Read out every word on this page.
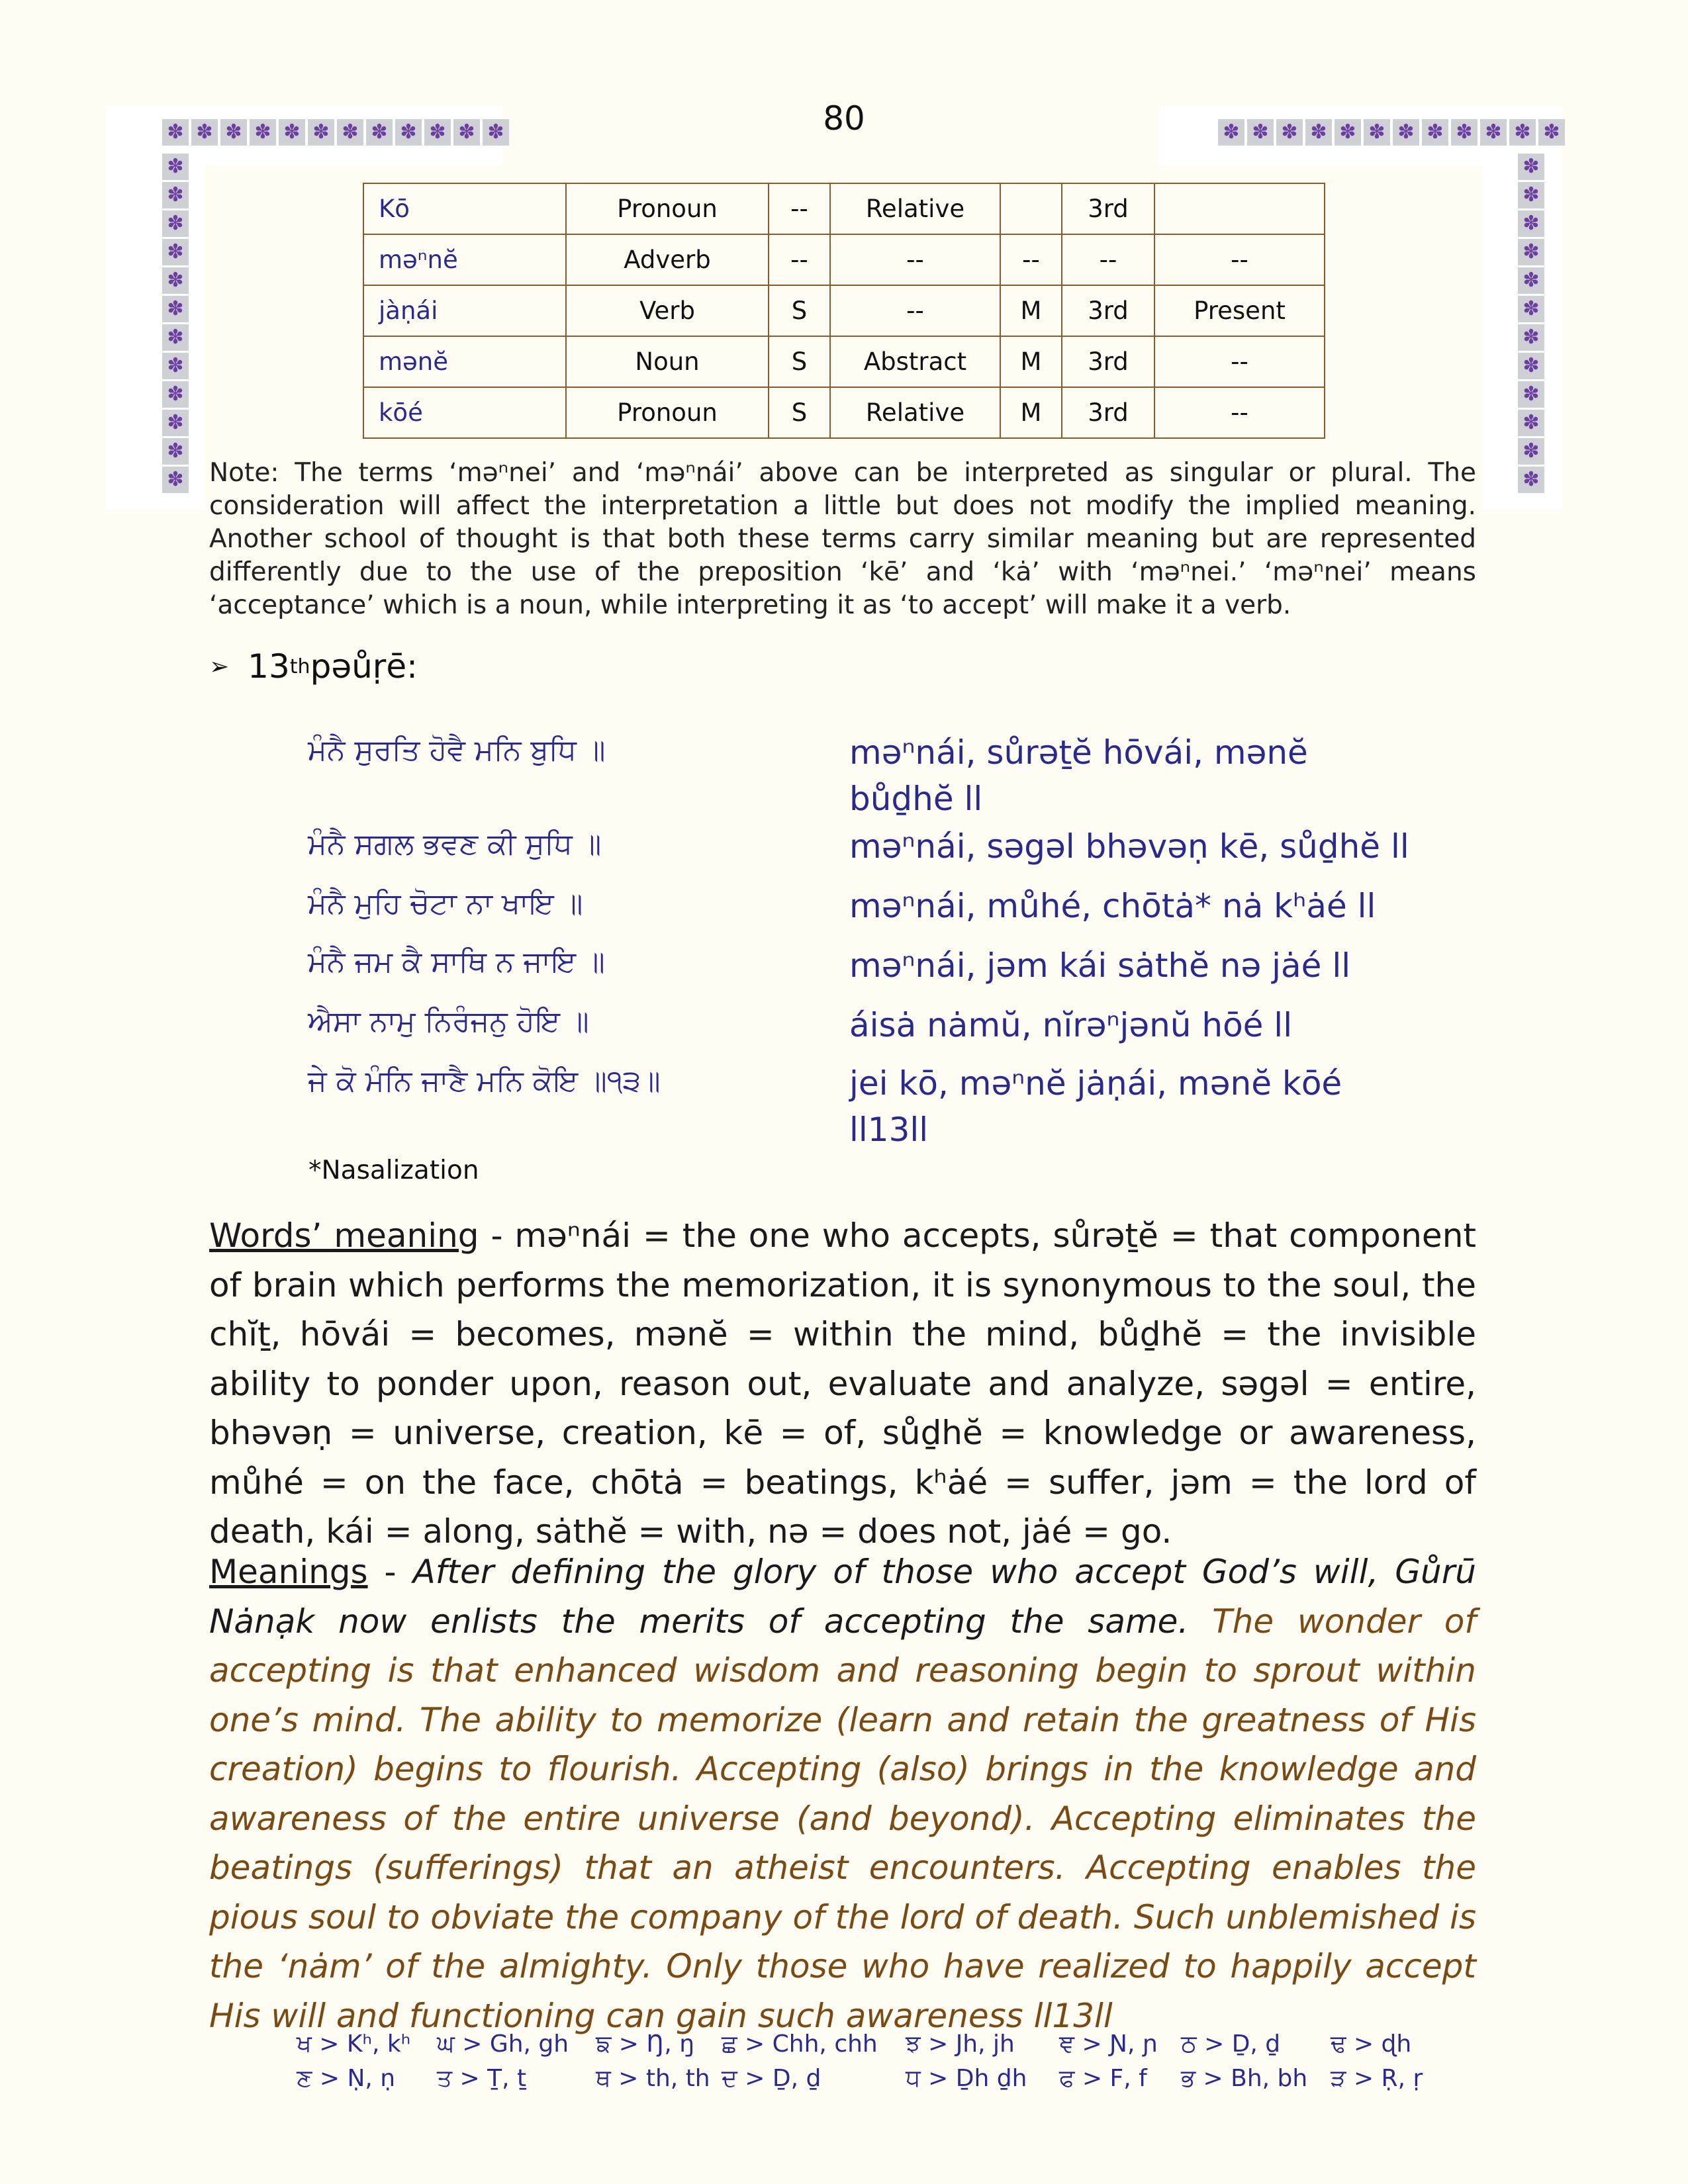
✽ ✽ ✽ ✽ ✽ ✽ ✽ ✽ ✽ ✽ ✽ ✽	✽ ✽ ✽ ✽ ✽ ✽ ✽ ✽ ✽ ✽ ✽ ✽
✽
✽
✽
✽
✽
✽
✽
✽
✽
✽
✽
✽
✽
✽
✽
✽
✽
✽
✽
✽
✽
✽
✽
✽
80
Kō	Pronoun	--	Relative		3rd	
məⁿnĕ	Adverb	--	--	--	--	--
jàṇái	Verb	S	--	M	3rd	Present
mənĕ	Noun	S	Abstract	M	3rd	--
kōé	Pronoun	S	Relative	M	3rd	--
Note: The terms ‘məⁿnei’ and ‘məⁿnái’ above can be interpreted as singular or plural. The consideration will affect the interpretation a little but does not modify the implied meaning. Another school of thought is that both these terms carry similar meaning but are represented differently due to the use of the preposition ‘kē’ and ‘kȧ’ with ‘məⁿnei.’ ‘məⁿnei’ means ‘acceptance’ which is a noun, while interpreting it as ‘to accept’ will make it a verb.
➢ 13 th pəůṛē:
ਮੰਨੈ ਸੁਰਤਿ ਹੋਵੈ ਮਨਿ ਬੁਧਿ ॥	məⁿnái, sůrəṯĕ hōvái, mənĕ bůḏhĕ ll
ਮੰਨੈ ਸਗਲ ਭਵਣ ਕੀ ਸੁਧਿ ॥	məⁿnái, səgəl bhəvəṇ kē, sůḏhĕ ll
ਮੰਨੈ ਮੁਹਿ ਚੋਟਾ ਨਾ ਖਾਇ ॥	məⁿnái, můhé, chōtȧ* nȧ kʰȧé ll
ਮੰਨੈ ਜਮ ਕੈ ਸਾਥਿ ਨ ਜਾਇ ॥	məⁿnái, jəm kái sȧthĕ nə jȧé ll
ਐਸਾ ਨਾਮੁ ਨਿਰੰਜਨੁ ਹੋਇ ॥	áisȧ nȧmŭ, nĭrəⁿjənŭ hōé ll
ਜੇ ਕੋ ਮੰਨਿ ਜਾਣੈ ਮਨਿ ਕੋਇ ॥੧੩॥	jei kō, məⁿnĕ jȧṇái, mənĕ kōé ll13ll
*Nasalization
Words’ meaning - məⁿnái = the one who accepts, sůrəṯĕ = that component of brain which performs the memorization, it is synonymous to the soul, the chĭṯ, hōvái = becomes, mənĕ = within the mind, bůḏhĕ = the invisible ability to ponder upon, reason out, evaluate and analyze, səgəl = entire, bhəvəṇ = universe, creation, kē = of, sůḏhĕ = knowledge or awareness, můhé = on the face, chōtȧ = beatings, kʰȧé = suffer, jəm = the lord of death, kái = along, sȧthĕ = with, nə = does not, jȧé = go.
Meanings - After defining the glory of those who accept God’s will, Gůrū Nȧnạk now enlists the merits of accepting the same. The wonder of accepting is that enhanced wisdom and reasoning begin to sprout within one’s mind. The ability to memorize (learn and retain the greatness of His creation) begins to flourish. Accepting (also) brings in the knowledge and awareness of the entire universe (and beyond). Accepting eliminates the beatings (sufferings) that an atheist encounters. Accepting enables the pious soul to obviate the company of the lord of death. Such unblemished is the ‘nȧm’ of the almighty. Only those who have realized to happily accept His will and functioning can gain such awareness ll13ll
ਖ > Kʰ, kʰ ਘ > Gh, gh ਙ > Ŋ, ŋ ਛ > Chh, chh ਝ > Jh, jh ਞ > Ɲ, ɲ ਠ > Ḏ, ḏ ਢ > ɖh
ਣ > Ṇ, ṇ ਤ > Ṯ, ṯ	ਥ > th, th ਦ > Ḏ, ḏ	ਧ > Ḏh ḏh ਫ > F, f ਭ > Bh, bh ੜ > Ṛ, ṛ
